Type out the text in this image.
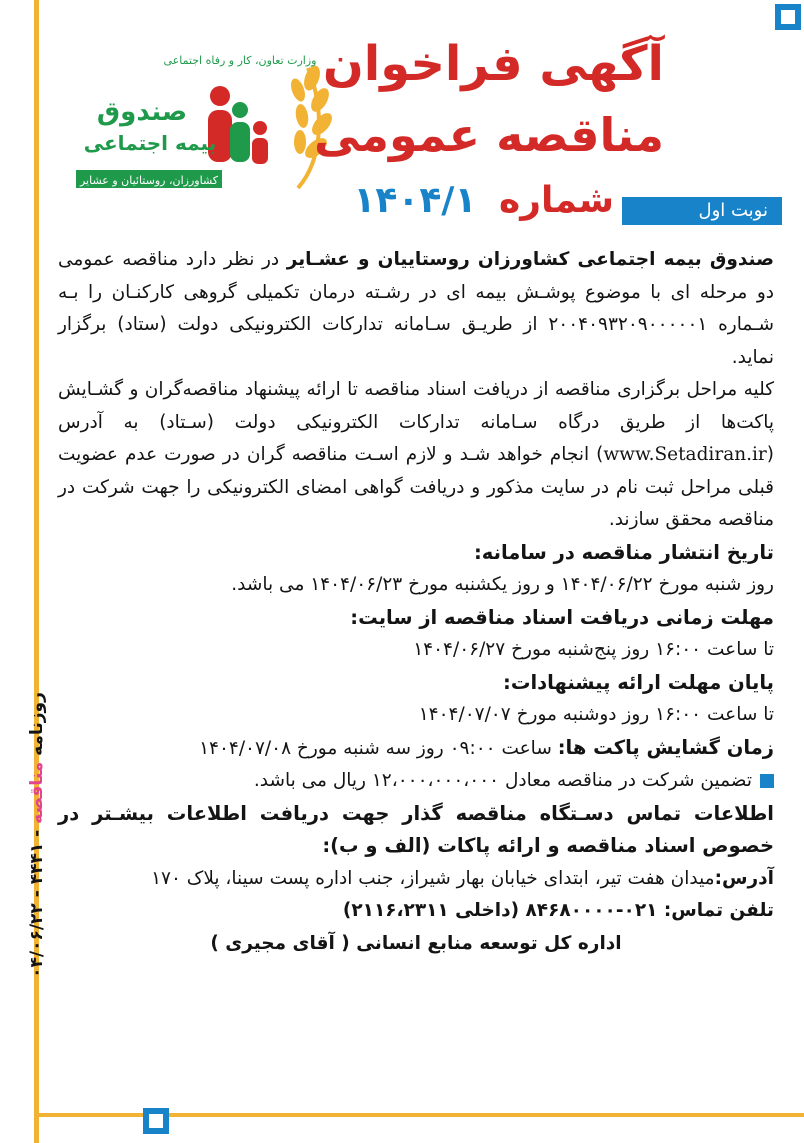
وزارت تعاون، کار و رفاه اجتماعی
صندوق
بیمه اجتماعی
کشاورزان، روستائیان و عشایر
آگهی فراخوان
مناقصه عمومی
نوبت اول
شماره ۱۴۰۴/۱

صندوق بیمه اجتماعی کشاورزان روستاییان و عشـایر در نظر دارد مناقصه عمومی دو مرحله ای با موضوع پوشـش بیمه ای در رشـته درمان تکمیلی گروهی کارکنـان را بـه شـماره ۲۰۰۴۰۹۳۲۰۹۰۰۰۰۰۱ از طریـق سـامانه تدارکات الکترونیکی دولت (ستاد) برگزار نماید.

کلیه مراحل برگزاری مناقصه از دریافت اسناد مناقصه تا ارائه پیشنهاد مناقصه‌گران و گشـایش پاکت‌ها از طریق درگاه سـامانه تدارکات الکترونیکی دولت (سـتاد) به آدرس (www.Setadiran.ir) انجام خواهد شـد و لازم اسـت مناقصه گران در صورت عدم عضویت قبلی مراحل ثبت نام در سایت مذکور و دریافت گواهی امضای الکترونیکی را جهت شرکت در مناقصه محقق سازند.

تاریخ انتشار مناقصه در سامانه:

روز شنبه مورخ ۱۴۰۴/۰۶/۲۲ و روز یکشنبه مورخ ۱۴۰۴/۰۶/۲۳ می باشد.

مهلت زمانی دریافت اسناد مناقصه از سایت:

تا ساعت ۱۶:۰۰ روز پنج‌شنبه مورخ ۱۴۰۴/۰۶/۲۷

پایان مهلت ارائه پیشنهادات:

تا ساعت ۱۶:۰۰ روز دوشنبه مورخ ۱۴۰۴/۰۷/۰۷

زمان گشایش پاکت ها: ساعت ۰۹:۰۰ روز سه شنبه مورخ ۱۴۰۴/۰۷/۰۸

تضمین شرکت در مناقصه معادل ۱۲،۰۰۰،۰۰۰،۰۰۰ ریال می باشد.

اطلاعات تماس دسـتگاه مناقصه گذار جهت دریافت اطلاعات بیشـتر در خصوص اسناد مناقصه و ارائه پاکات (الف و ب):

آدرس:میدان هفت تیر، ابتدای خیابان بهار شیراز، جنب اداره پست سینا، پلاک ۱۷۰

تلفن تماس: ۰۲۱-۸۴۶۸۰۰۰۰ (داخلی ۲۱۱۶،۲۳۱۱)

اداره کل توسعه منابع انسانی ( آقای مجیری )

روزنامه مناقصه - ۴۴۴۱ - ۰۴/۰۶/۲۲
